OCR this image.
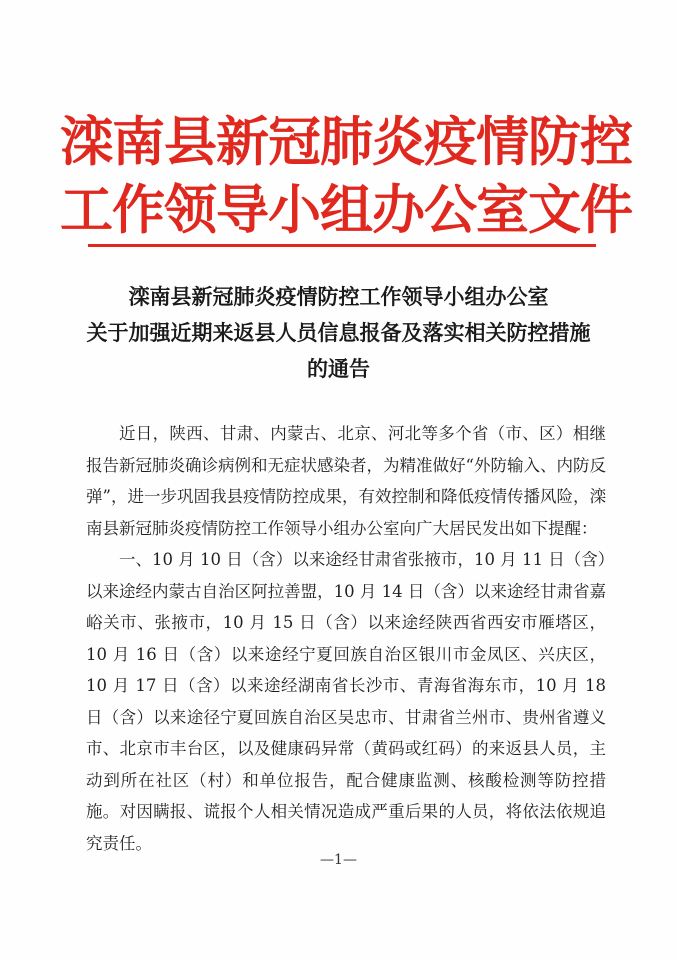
滦南县新冠肺炎疫情防控
工作领导小组办公室文件
滦南县新冠肺炎疫情防控工作领导小组办公室
关于加强近期来返县人员信息报备及落实相关防控措施
的通告

近日，陕西、甘肃、内蒙古、北京、河北等多个省（市、区）相继报告新冠肺炎确诊病例和无症状感染者，为精准做好“外防输入、内防反弹”，进一步巩固我县疫情防控成果，有效控制和降低疫情传播风险，滦南县新冠肺炎疫情防控工作领导小组办公室向广大居民发出如下提醒：

一、10 月 10 日（含）以来途经甘肃省张掖市，10 月 11 日（含）以来途经内蒙古自治区阿拉善盟，10 月 14 日（含）以来途经甘肃省嘉峪关市、张掖市，10 月 15 日（含）以来途经陕西省西安市雁塔区，10 月 16 日（含）以来途经宁夏回族自治区银川市金凤区、兴庆区，10 月 17 日（含）以来途经湖南省长沙市、青海省海东市，10 月 18 日（含）以来途径宁夏回族自治区吴忠市、甘肃省兰州市、贵州省遵义市、北京市丰台区，以及健康码异常（黄码或红码）的来返县人员，主动到所在社区（村）和单位报告，配合健康监测、核酸检测等防控措施。对因瞒报、谎报个人相关情况造成严重后果的人员，将依法依规追究责任。

—1—
